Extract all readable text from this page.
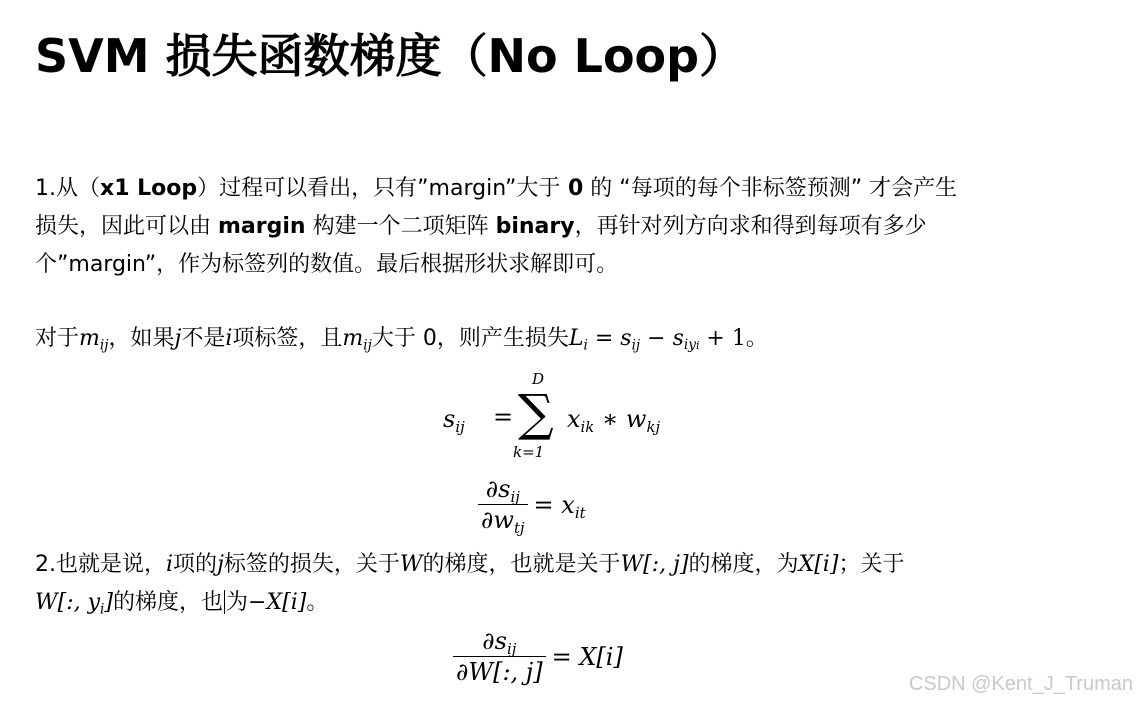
SVM 损失函数梯度（No Loop）
1.从（x1 Loop）过程可以看出，只有”margin”大于 0 的 “每项的每个非标签预测” 才会产生
损失，因此可以由 margin 构建一个二项矩阵 binary，再针对列方向求和得到每项有多少
个”margin”，作为标签列的数值。最后根据形状求解即可。
对于$m_{ij}$，如果j不是i项标签，且$m_{ij}$大于 0，则产生损失$L_i = s_{ij} - s_{iyi} + 1$。
$s_{ij}$ = ∑
D
k=1
$x_{ik}$ ∗ $w_{kj}$
$\frac{\partial s_{ij}}{\partial w_{tj}} = x_{it}$
2.也就是说，i项的j标签的损失，关于W的梯度，也就是关于W[:, j]的梯度，为X[i]；关于
W[:, $y_i$]的梯度，也 为−X[i]。
$\frac{\partial s_{ij}}{\partial W[:, j]} = X[i]$
CSDN @Kent_J_Truman
